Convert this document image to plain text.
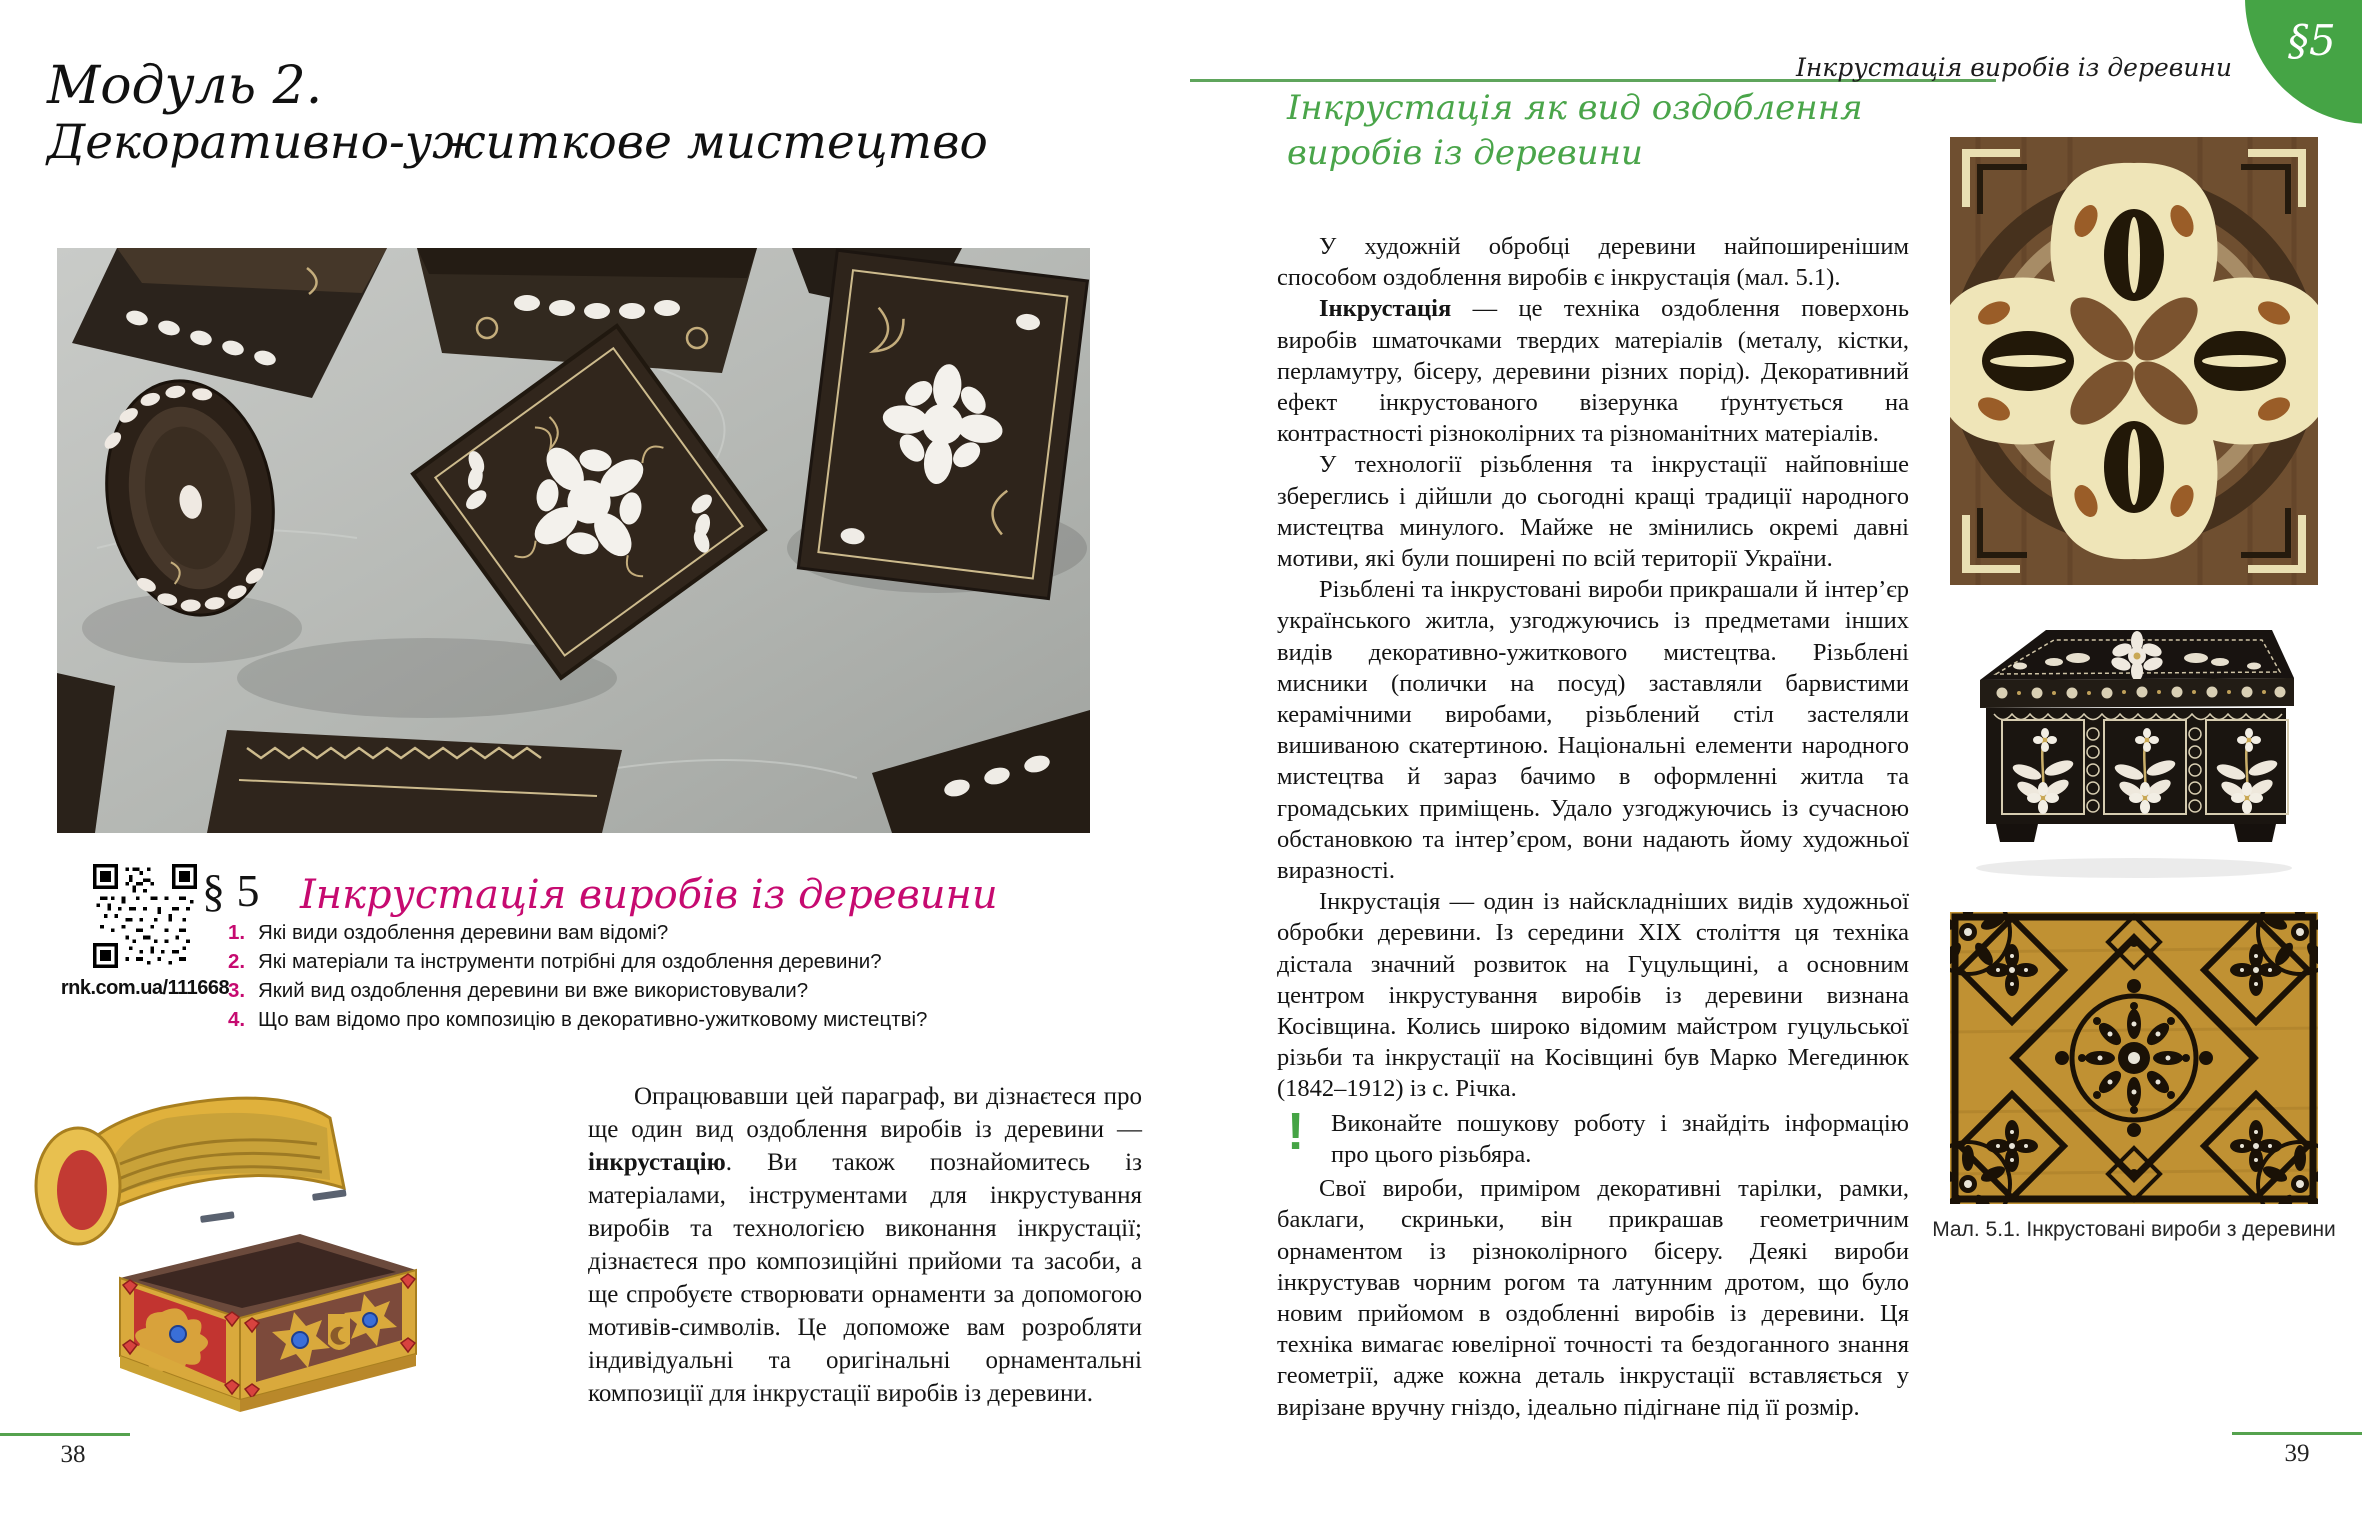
Модуль 2.
Декоративно-ужиткове мистецтво
rnk.com.ua/111668
§ 5 Інкрустація виробів із деревини
1. Які види оздоблення деревини вам відомі?
2. Які матеріали та інструменти потрібні для оздоблення деревини?
3. Який вид оздоблення деревини ви вже використовували?
4. Що вам відомо про композицію в декоративно-ужитковому мистецтві?
Опрацювавши цей параграф, ви дізнаєтеся про ще один вид оздоблення виробів із деревини — інкрустацію. Ви також познайомитесь із матеріалами, інструментами для інкрустування виробів та технологією виконання інкрустації; дізнаєтеся про композиційні прийоми та засоби, а ще спробуєте створювати орнаменти за допомогою мотивів-символів. Це допоможе вам розробляти індивідуальні та оригінальні орнаментальні композиції для інкрустації виробів із деревини.
38
Інкрустація виробів із деревини
§5
Інкрустація як вид оздоблення
виробів із деревини

У художній обробці деревини найпоширенішим способом оздоблення виробів є інкрустація (мал. 5.1).

Інкрустація — це техніка оздоблення поверхонь виробів шматочками твердих матеріалів (металу, кістки, перламутру, бісеру, деревини різних порід). Декоративний ефект інкрустованого візерунка ґрунтується на контрастності різноколірних та різноманітних матеріалів.

У технології різьблення та інкрустації найповніше збереглись і дійшли до сьогодні кращі традиції народного мистецтва минулого. Майже не змінились окремі давні мотиви, які були поширені по всій території України.

Різьблені та інкрустовані вироби прикрашали й інтер’єр українського житла, узгоджуючись із предметами інших видів декоративно-ужиткового мистецтва. Різьблені мисники (полички на посуд) заставляли барвистими керамічними виробами, різьблений стіл застеляли вишиваною скатертиною. Національні елементи народного мистецтва й зараз бачимо в оформленні житла та громадських приміщень. Удало узгоджуючись із сучасною обстановкою та інтер’єром, вони надають йому художньої виразності.

Інкрустація — один із найскладніших видів художньої обробки деревини. Із середини XIX століття ця техніка дістала значний розвиток на Гуцульщині, а основним центром інкрустування виробів із деревини визнана Косівщина. Колись широко відомим майстром гуцульської різьби та інкрустації на Косівщині був Марко Мегединюк (1842–1912) із с. Річка.

!	Виконайте пошукову роботу і знайдіть інформацію про цього різьбяра.

Свої вироби, приміром декоративні тарілки, рамки, баклаги, скриньки, він прикрашав геометричним орнаментом із різноколірного бісеру. Деякі вироби інкрустував чорним рогом та латунним дротом, що було новим прийомом в оздобленні виробів із деревини. Ця техніка вимагає ювелірної точності та бездоганного знання геометрії, адже кожна деталь інкрустації вставляється у вирізане вручну гніздо, ідеально підігнане під її розмір.

Мал. 5.1. Інкрустовані вироби з деревини
39
